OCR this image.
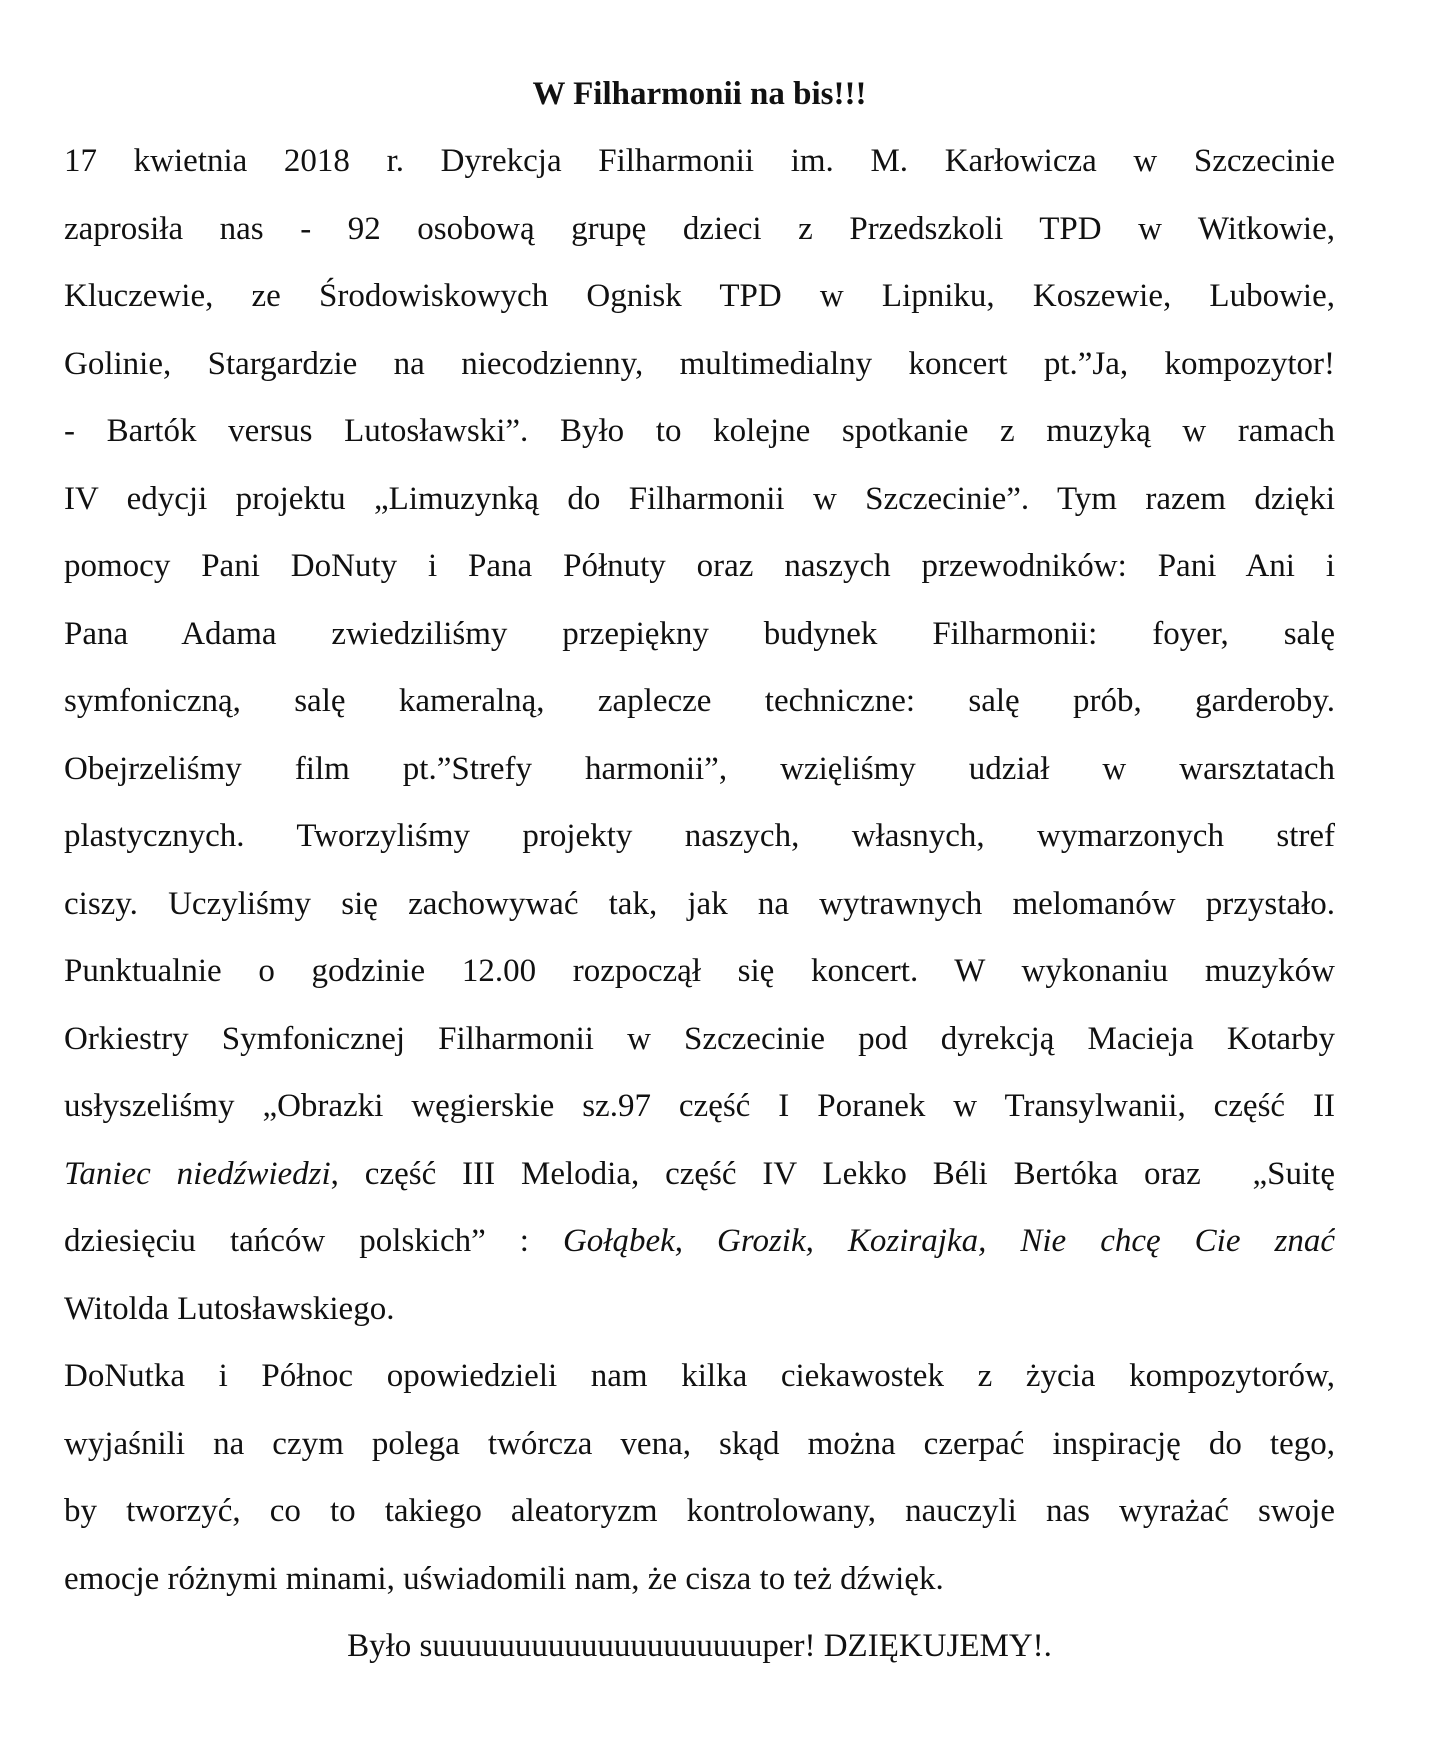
W Filharmonii na bis!!!
17 kwietnia 2018 r. Dyrekcja Filharmonii im. M. Karłowicza w Szczecinie
zaprosiła nas - 92 osobową grupę dzieci z Przedszkoli TPD w Witkowie,
Kluczewie, ze Środowiskowych Ognisk TPD w Lipniku, Koszewie, Lubowie,
Golinie, Stargardzie na niecodzienny, multimedialny koncert pt.”Ja, kompozytor!
- Bartók versus Lutosławski”. Było to kolejne spotkanie z muzyką w ramach
IV edycji projektu „Limuzynką do Filharmonii w Szczecinie”. Tym razem dzięki
pomocy Pani DoNuty i Pana Półnuty oraz naszych przewodników: Pani Ani i
Pana Adama zwiedziliśmy przepiękny budynek Filharmonii: foyer, salę
symfoniczną, salę kameralną, zaplecze techniczne: salę prób, garderoby.
Obejrzeliśmy film pt.”Strefy harmonii”, wzięliśmy udział w warsztatach
plastycznych. Tworzyliśmy projekty naszych, własnych, wymarzonych stref
ciszy. Uczyliśmy się zachowywać tak, jak na wytrawnych melomanów przystało.
Punktualnie o godzinie 12.00 rozpoczął się koncert. W wykonaniu muzyków
Orkiestry Symfonicznej Filharmonii w Szczecinie pod dyrekcją Macieja Kotarby
usłyszeliśmy „Obrazki węgierskie sz.97 część I Poranek w Transylwanii, część II
Taniec niedźwiedzi, część III Melodia, część IV Lekko Béli Bertóka oraz  „Suitę
dziesięciu tańców polskich” : Gołąbek, Grozik, Kozirajka, Nie chcę Cie znać
Witolda Lutosławskiego.
DoNutka i Północ opowiedzieli nam kilka ciekawostek z życia kompozytorów,
wyjaśnili na czym polega twórcza vena, skąd można czerpać inspirację do tego,
by tworzyć, co to takiego aleatoryzm kontrolowany, nauczyli nas wyrażać swoje
emocje różnymi minami, uświadomili nam, że cisza to też dźwięk.
Było suuuuuuuuuuuuuuuuuuuuper! DZIĘKUJEMY!.
